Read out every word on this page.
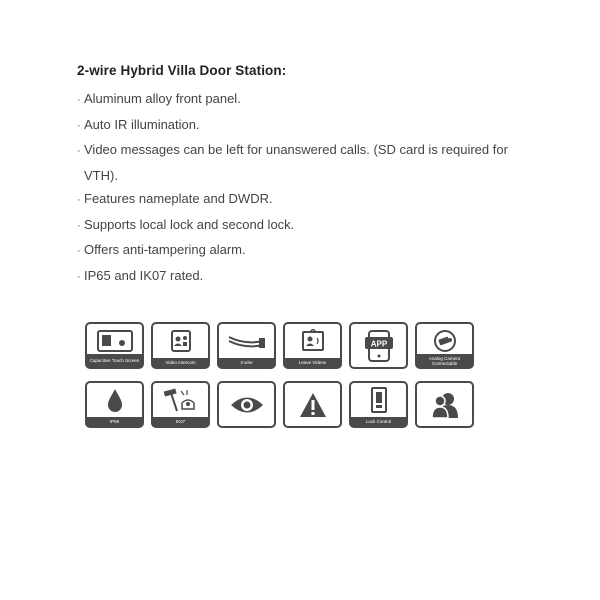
2-wire Hybrid Villa Door Station:
· Aluminum alloy front panel.
· Auto IR illumination.
· Video messages can be left for unanswered calls. (SD card is required for VTH).
· Features nameplate and DWDR.
· Supports local lock and second lock.
· Offers anti-tampering alarm.
· IP65 and IK07 rated.
Capacitive Touch Screen	Video Intercom	2-wire	Leave Videos
APP
Analog Camera Connectable
IP65	IK07	Lock Control
